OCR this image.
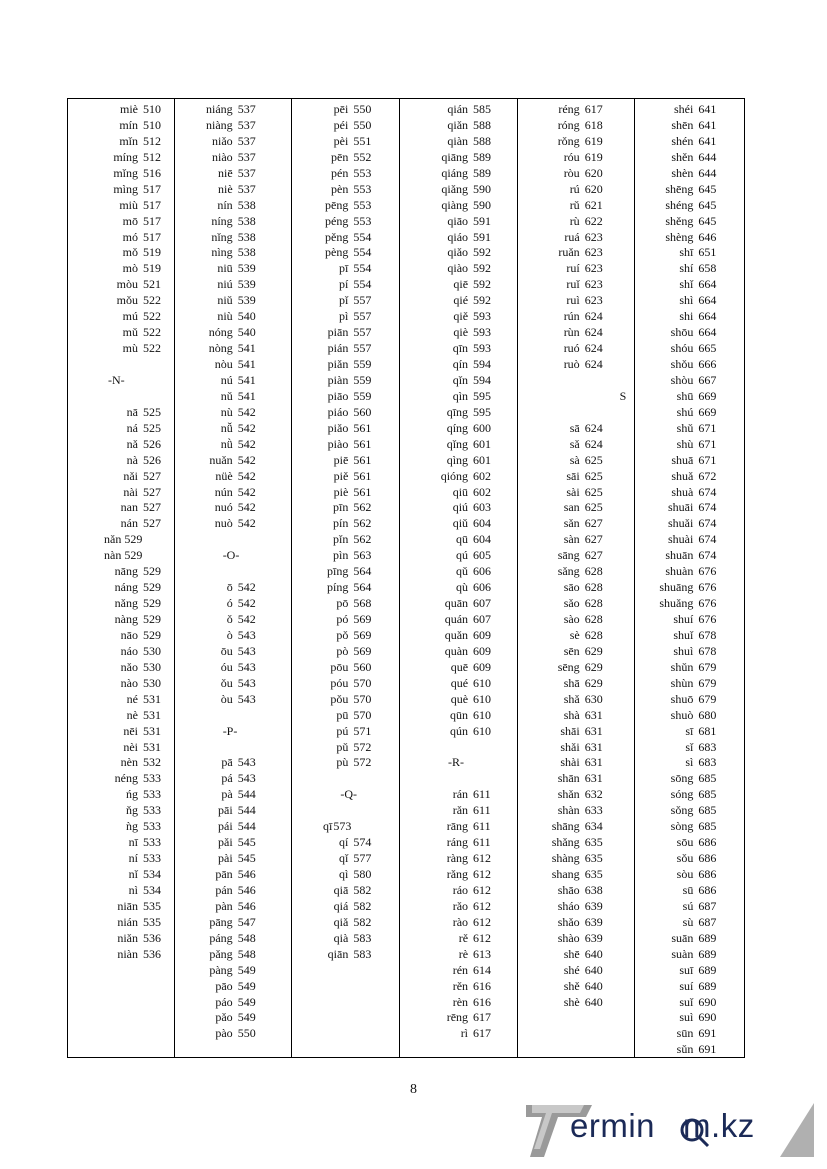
miè 510
mín 510
mǐn 512
míng 512
mǐng 516
mìng 517
miù 517
mō 517
mó 517
mǒ 519
mò 519
mòu 521
mǒu 522
mú 522
mǔ 522
mù 522
-N-
nā 525
ná 525
nǎ 526
nà 526
nǎi 527
nài 527
nan 527
nán 527
nǎn 529
nàn 529
nāng 529
náng 529
nǎng 529
nàng 529
nāo 529
náo 530
nǎo 530
nào 530
né 531
nè 531
nēi 531
nèi 531
nèn 532
néng 533
ńg 533
ňg 533
ǹg 533
nī 533
ní 533
nǐ 534
nì 534
niān 535
nián 535
niǎn 536
niàn 536
niáng 537
niàng 537
niǎo 537
niào 537
niē 537
niè 537
nín 538
níng 538
nǐng 538
nìng 538
niū 539
niú 539
niǔ 539
niù 540
nóng 540
nòng 541
nòu 541
nú 541
nǔ 541
nù 542
nǚ 542
nǜ 542
nuǎn 542
nüè 542
nún 542
nuó 542
nuò 542
-O-
ō 542
ó 542
ǒ 542
ò 543
ōu 543
óu 543
ǒu 543
òu 543
-P-
pā 543
pá 543
pà 544
pāi 544
pái 544
pǎi 545
pài 545
pān 546
pán 546
pàn 546
pāng 547
páng 548
pǎng 548
pàng 549
pāo 549
páo 549
pǎo 549
pào 550
pēi 550
péi 550
pèi 551
pēn 552
pén 553
pèn 553
pēng 553
péng 553
pěng 554
pèng 554
pī 554
pí 554
pǐ 557
pì 557
piān 557
pián 557
piǎn 559
piàn 559
piāo 559
piáo 560
piǎo 561
piào 561
piē 561
piě 561
piè 561
pīn 562
pín 562
pǐn 562
pìn 563
pīng 564
píng 564
pō 568
pó 569
pǒ 569
pò 569
pōu 560
póu 570
pǒu 570
pū 570
pú 571
pǔ 572
pù 572
-Q-
qī573
qí 574
qǐ 577
qì 580
qiā 582
qiá 582
qiǎ 582
qià 583
qiān 583
qián 585
qiǎn 588
qiàn 588
qiāng 589
qiáng 589
qiǎng 590
qiàng 590
qiāo 591
qiáo 591
qiǎo 592
qiào 592
qiē 592
qié 592
qiě 593
qiè 593
qīn 593
qín 594
qǐn 594
qìn 595
qīng 595
qíng 600
qǐng 601
qìng 601
qióng 602
qiū 602
qiú 603
qiǔ 604
qū 604
qú 605
qǔ 606
qù 606
quān 607
quán 607
quǎn 609
quàn 609
quē 609
qué 610
què 610
qūn 610
qún 610
-R-
rán 611
rǎn 611
rāng 611
ráng 611
ràng 612
rǎng 612
ráo 612
rǎo 612
rào 612
rě 612
rè 613
rén 614
rěn 616
rèn 616
rēng 617
rì 617
réng 617
róng 618
rǒng 619
róu 619
ròu 620
rú 620
rǔ 621
rù 622
ruá 623
ruǎn 623
ruí 623
ruǐ 623
ruì 623
rún 624
rùn 624
ruó 624
ruò 624
S
sā 624
sǎ 624
sà 625
sāi 625
sài 625
san 625
sǎn 627
sàn 627
sāng 627
sǎng 628
sāo 628
sǎo 628
sào 628
sè 628
sēn 629
sēng 629
shā 629
shǎ 630
shà 631
shāi 631
shǎi 631
shài 631
shān 631
shǎn 632
shàn 633
shāng 634
shǎng 635
shàng 635
shang 635
shāo 638
sháo 639
shǎo 639
shào 639
shē 640
shé 640
shě 640
shè 640
shéi 641
shēn 641
shén 641
shěn 644
shèn 644
shēng 645
shéng 645
shěng 645
shèng 646
shī 651
shí 658
shǐ 664
shì 664
shi 664
shōu 664
shóu 665
shǒu 666
shòu 667
shū 669
shú 669
shǔ 671
shù 671
shuā 671
shuǎ 672
shuà 674
shuāi 674
shuǎi 674
shuài 674
shuān 674
shuàn 676
shuāng 676
shuǎng 676
shuí 676
shuǐ 678
shuì 678
shǔn 679
shùn 679
shuō 679
shuò 680
sī 681
sǐ 683
sì 683
sōng 685
sóng 685
sǒng 685
sòng 685
sōu 686
sǒu 686
sòu 686
sū 686
sú 687
sù 687
suān 689
suàn 689
suī 689
suí 689
suǐ 690
suì 690
sūn 691
sǔn 691
8
ermin m.kz
